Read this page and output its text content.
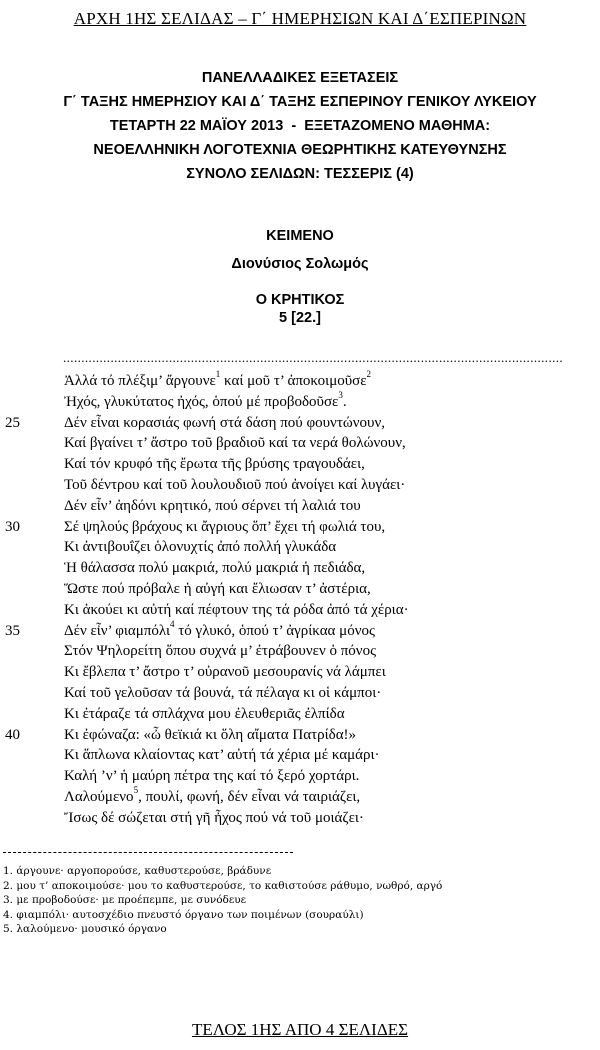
ΑΡΧΗ 1ΗΣ ΣΕΛΙΔΑΣ – Γ΄ ΗΜΕΡΗΣΙΩΝ ΚΑΙ Δ΄ΕΣΠΕΡΙΝΩΝ
ΠΑΝΕΛΛΑΔΙΚΕΣ ΕΞΕΤΑΣΕΙΣ
Γ΄ ΤΑΞΗΣ ΗΜΕΡΗΣΙΟΥ ΚΑΙ Δ΄ ΤΑΞΗΣ ΕΣΠΕΡΙΝΟΥ ΓΕΝΙΚΟΥ ΛΥΚΕΙΟΥ
ΤΕΤΑΡΤΗ 22 ΜΑΪΟΥ 2013  -  ΕΞΕΤΑΖΟΜΕΝΟ ΜΑΘΗΜΑ:
ΝΕΟΕΛΛΗΝΙΚΗ ΛΟΓΟΤΕΧΝΙΑ ΘΕΩΡΗΤΙΚΗΣ ΚΑΤΕΥΘΥΝΣΗΣ
ΣΥΝΟΛΟ ΣΕΛΙΔΩΝ: ΤΕΣΣΕΡΙΣ (4)
ΚΕΙΜΕΝΟ
Διονύσιος Σολωμός
Ο ΚΡΗΤΙΚΟΣ
5 [22.]
.........................................................................................................................................
Ἀλλά τό πλέξιμ’ ἄργουνε$^1$ καί μοῦ τ’ ἀποκοιμοῦσε$^2$
Ἠχός, γλυκύτατος ἠχός, ὁπού μέ προβοδοῦσε$^3$.
25	Δέν εἶναι κορασιάς φωνή στά δάση πού φουντώνουν,
Καί βγαίνει τ’ ἄστρο τοῦ βραδιοῦ καί τα νερά θολώνουν,
Καί τόν κρυφό τῆς ἔρωτα τῆς βρύσης τραγουδάει,
Τοῦ δέντρου καί τοῦ λουλουδιοῦ πού ἀνοίγει καί λυγάει·
Δέν εἶν’ ἀηδόνι κρητικό, πού σέρνει τή λαλιά του
30	Σέ ψηλούς βράχους κι ἄγριους ὅπ’ ἔχει τή φωλιά του,
Κι ἀντιβουΐζει ὁλονυχτίς ἀπό πολλή γλυκάδα
Ἡ θάλασσα πολύ μακριά, πολύ μακριά ἡ πεδιάδα,
Ὥστε πού πρόβαλε ἡ αὐγή και ἔλιωσαν τ’ ἀστέρια,
Κι ἀκούει κι αὐτή καί πέφτουν της τά ρόδα ἀπό τά χέρια·
35	Δέν εἶν’ φιαμπόλι$^4$ τό γλυκό, ὁπού τ’ ἀγρίκαα μόνος
Στόν Ψηλορείτη ὅπου συχνά μ’ ἐτράβουνεν ὁ πόνος
Κι ἔβλεπα τ’ ἄστρο τ’ οὐρανοῦ μεσουρανίς νά λάμπει
Καί τοῦ γελοῦσαν τά βουνά, τά πέλαγα κι οἱ κάμποι·
Κι ἐτάραζε τά σπλάχνα μου ἐλευθεριᾶς ἐλπίδα
40	Κι ἐφώναζα: «ὦ θεϊκιά κι ὅλη αἴματα Πατρίδα!»
Κι ἅπλωνα κλαίοντας κατ’ αὐτή τά χέρια μέ καμάρι·
Καλή ’ν’ ἡ μαύρη πέτρα της καί τό ξερό χορτάρι.
Λαλούμενο$^5$, πουλί, φωνή, δέν εἶναι νά ταιριάζει,
Ἴσως δέ σώζεται στή γῆ ἦχος πού νά τοῦ μοιάζει·
1. άργουνε· αργοπορούσε, καθυστερούσε, βράδυνε
2. μου τ’ αποκοιμούσε· μου το καθυστερούσε, το καθιστούσε ράθυμο, νωθρό, αργό
3. με προβοδούσε· με προέπεμπε, με συνόδευε
4. φιαμπόλι· αυτοσχέδιο πνευστό όργανο των ποιμένων (σουραύλι)
5. λαλούμενο· μουσικό όργανο
ΤΕΛΟΣ 1ΗΣ ΑΠΟ 4 ΣΕΛΙΔΕΣ
